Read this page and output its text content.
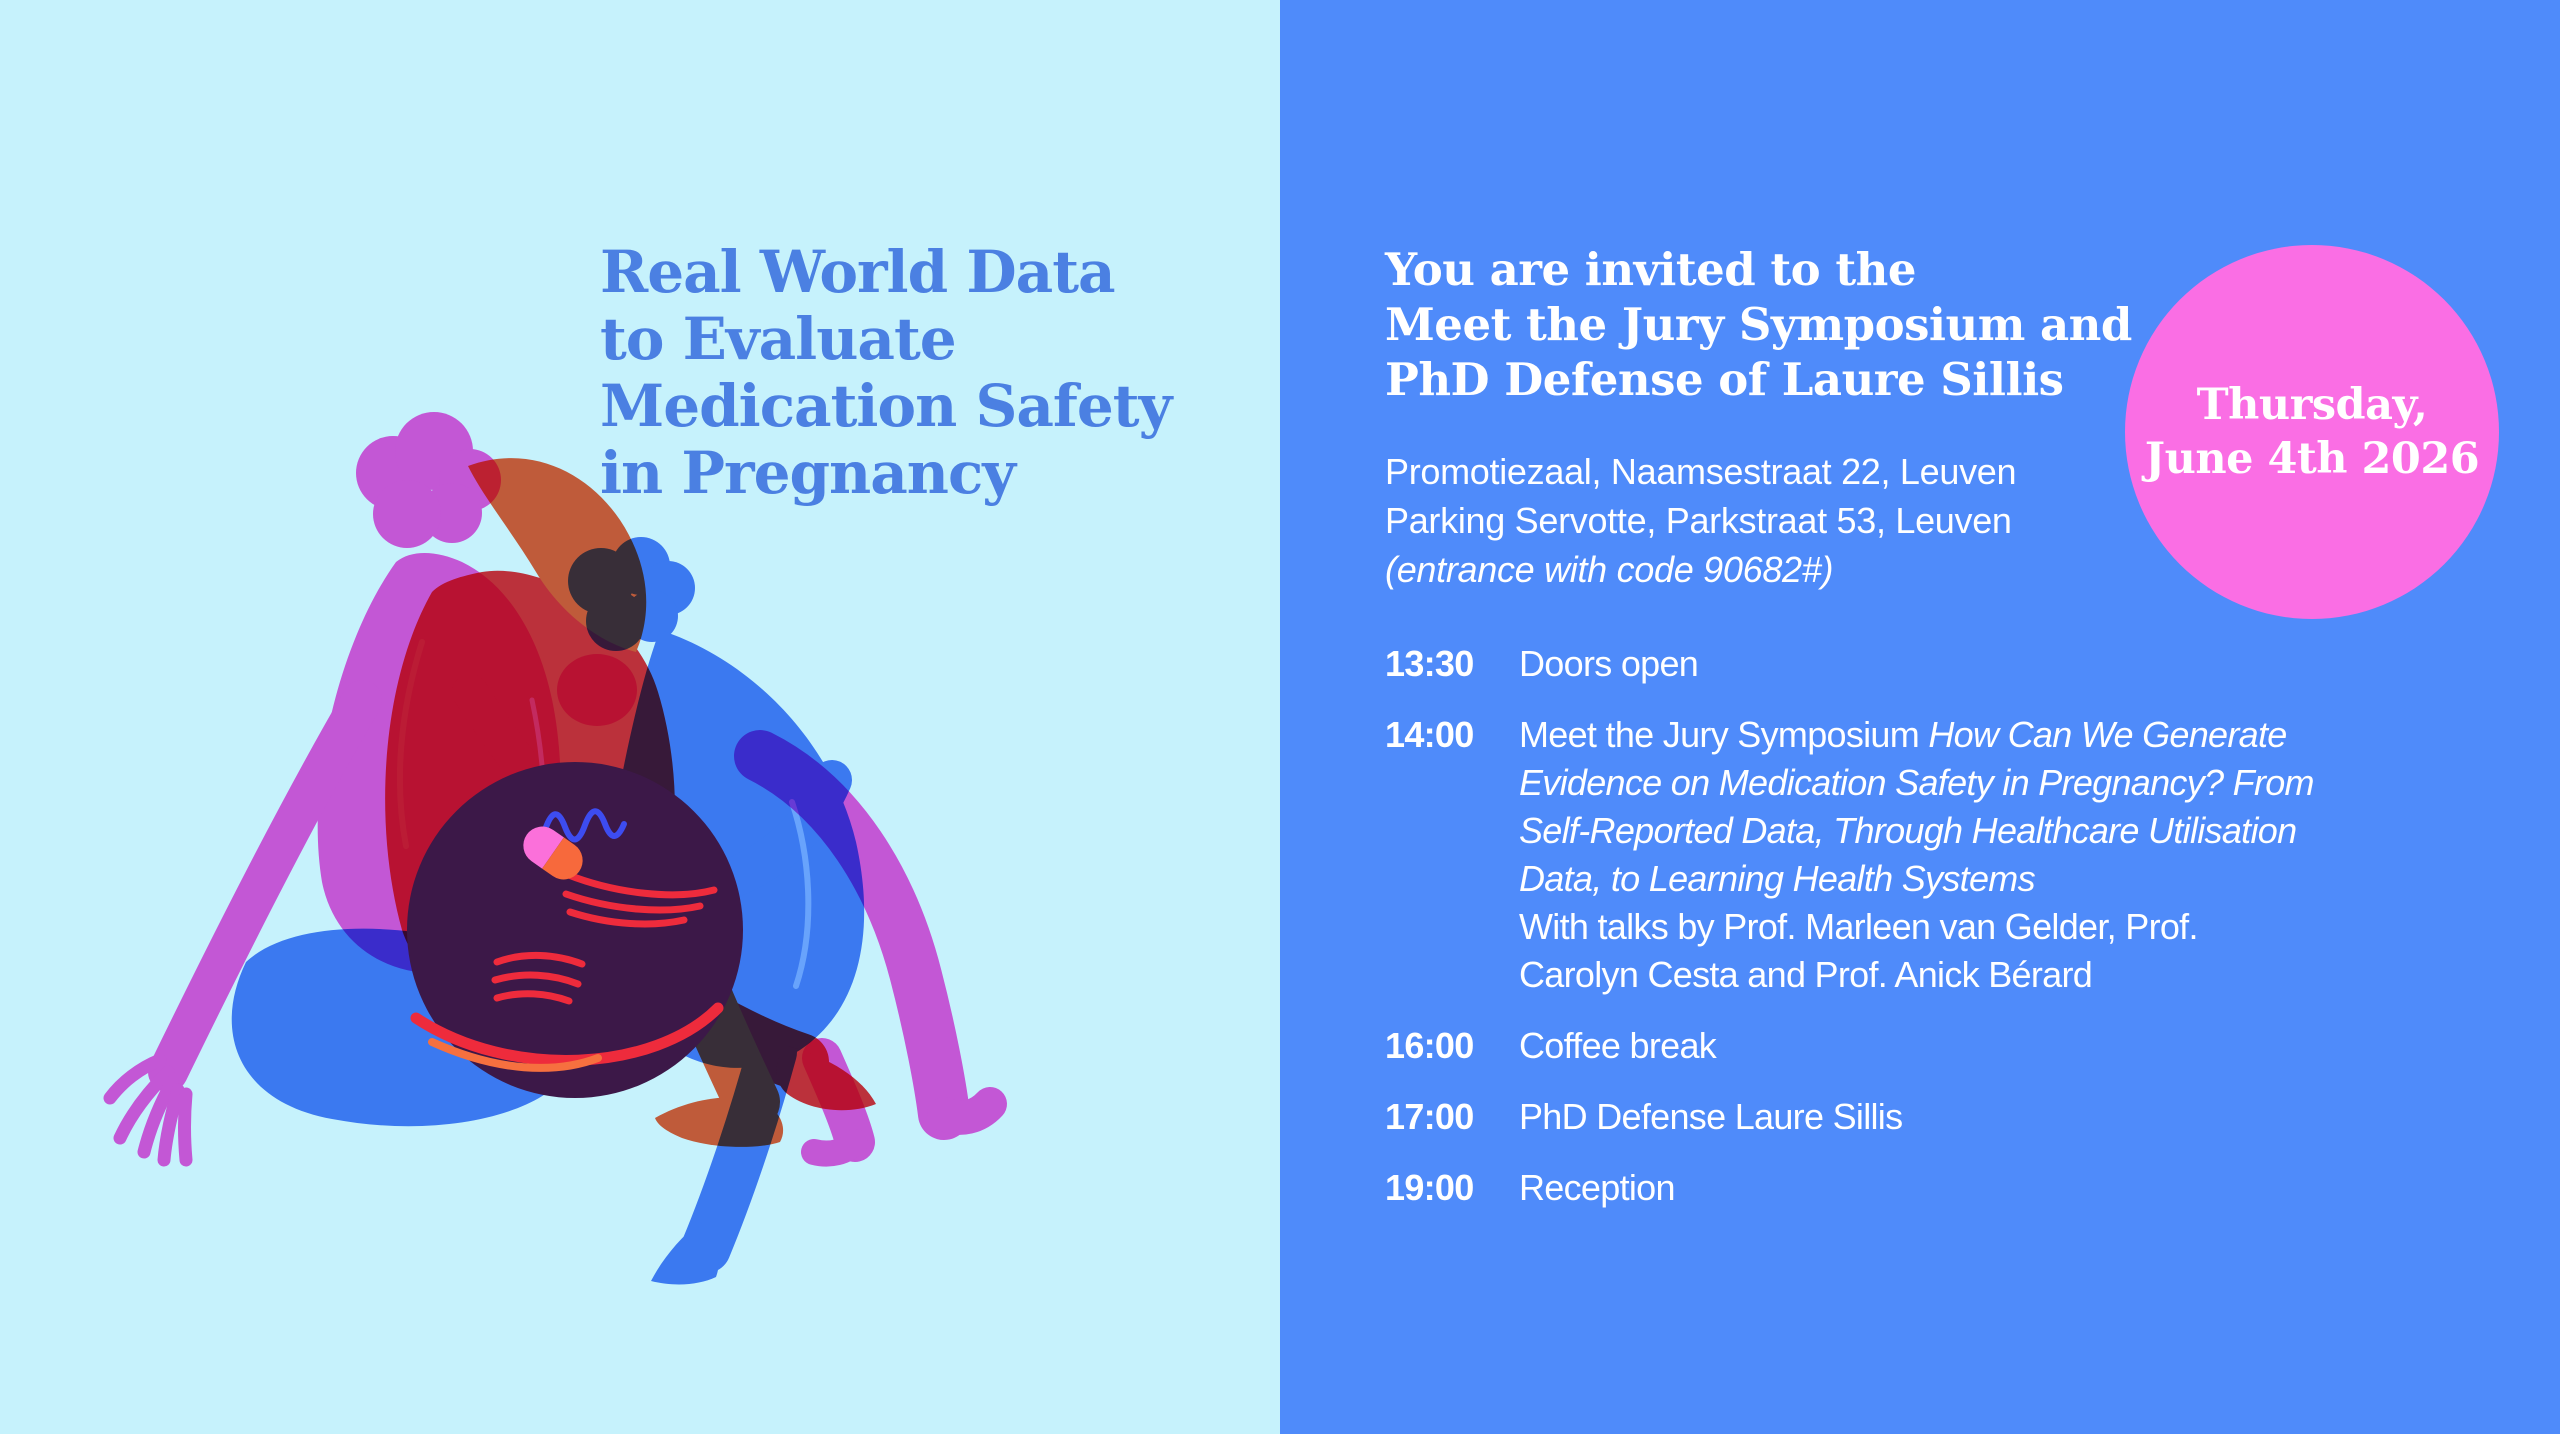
Real World Data
to Evaluate
Medication Safety
in Pregnancy
You are invited to the
Meet the Jury Symposium and
PhD Defense of Laure Sillis
Promotiezaal, Naamsestraat 22, Leuven
Parking Servotte, Parkstraat 53, Leuven
(entrance with code 90682#)
Thursday,
June 4th 2026
13:30	Doors open
14:00	Meet the Jury Symposium How Can We Generate Evidence on Medication Safety in Pregnancy? From Self-Reported Data, Through Healthcare Utilisation Data, to Learning Health Systems
With talks by Prof. Marleen van Gelder, Prof. Carolyn Cesta and Prof. Anick Bérard
16:00	Coffee break
17:00	PhD Defense Laure Sillis
19:00	Reception
